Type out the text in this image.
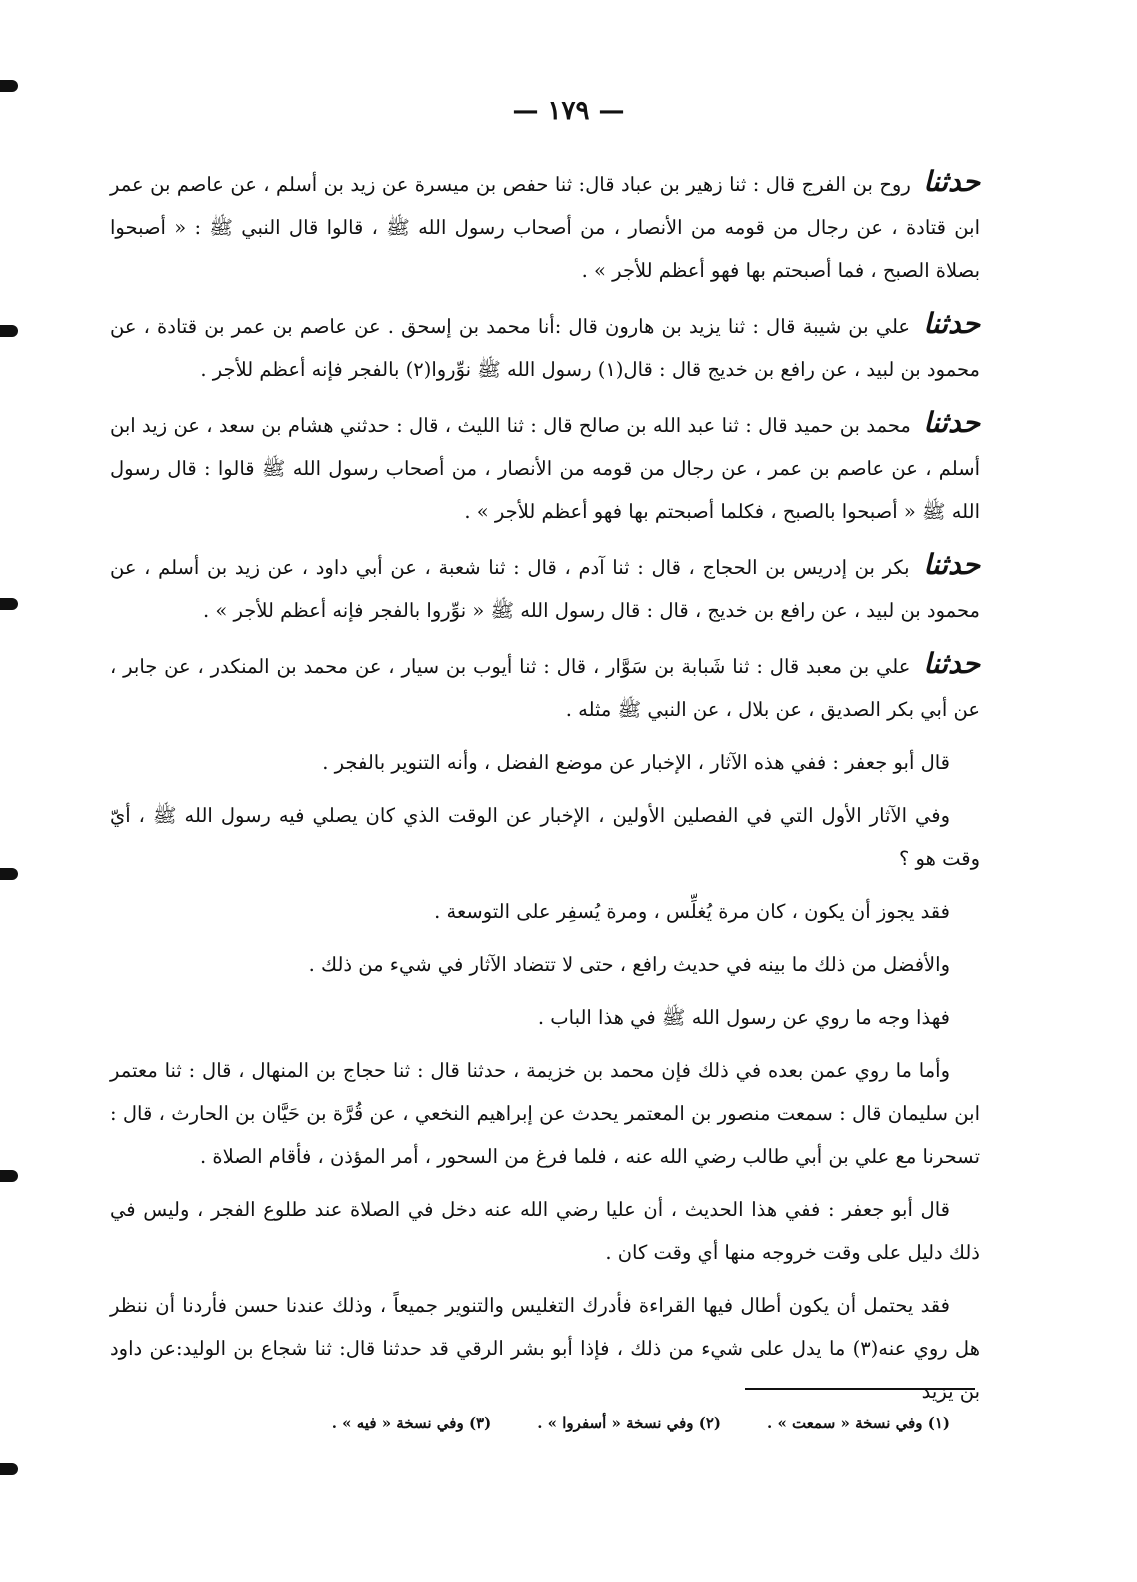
— ١٧٩ —

حدثنا روح بن الفرج قال : ثنا زهير بن عباد قال: ثنا حفص بن ميسرة عن زيد بن أسلم ، عن عاصم بن عمر ابن قتادة ، عن رجال من قومه من الأنصار ، من أصحاب رسول الله ﷺ ، قالوا قال النبي ﷺ : « أصبحوا بصلاة الصبح ، فما أصبحتم بها فهو أعظم للأجر » .

حدثنا علي بن شيبة قال : ثنا يزيد بن هارون قال :أنا محمد بن إسحق . عن عاصم بن عمر بن قتادة ، عن محمود بن لبيد ، عن رافع بن خديج قال : قال(١) رسول الله ﷺ نوِّروا(٢) بالفجر فإنه أعظم للأجر .

حدثنا محمد بن حميد قال : ثنا عبد الله بن صالح قال : ثنا الليث ، قال : حدثني هشام بن سعد ، عن زيد ابن أسلم ، عن عاصم بن عمر ، عن رجال من قومه من الأنصار ، من أصحاب رسول الله ﷺ قالوا : قال رسول الله ﷺ « أصبحوا بالصبح ، فكلما أصبحتم بها فهو أعظم للأجر » .

حدثنا بكر بن إدريس بن الحجاج ، قال : ثنا آدم ، قال : ثنا شعبة ، عن أبي داود ، عن زيد بن أسلم ، عن محمود بن لبيد ، عن رافع بن خديج ، قال : قال رسول الله ﷺ « نوِّروا بالفجر فإنه أعظم للأجر » .

حدثنا علي بن معبد قال : ثنا شَبابة بن سَوَّار ، قال : ثنا أيوب بن سيار ، عن محمد بن المنكدر ، عن جابر ، عن أبي بكر الصديق ، عن بلال ، عن النبي ﷺ مثله .

قال أبو جعفر : ففي هذه الآثار ، الإخبار عن موضع الفضل ، وأنه التنوير بالفجر .

وفي الآثار الأول التي في الفصلين الأولين ، الإخبار عن الوقت الذي كان يصلي فيه رسول الله ﷺ ، أيّ وقت هو ؟

فقد يجوز أن يكون ، كان مرة يُغلِّس ، ومرة يُسفِر على التوسعة .

والأفضل من ذلك ما بينه في حديث رافع ، حتى لا تتضاد الآثار في شيء من ذلك .

فهذا وجه ما روي عن رسول الله ﷺ في هذا الباب .

وأما ما روي عمن بعده في ذلك فإن محمد بن خزيمة ، حدثنا قال : ثنا حجاج بن المنهال ، قال : ثنا معتمر ابن سليمان قال : سمعت منصور بن المعتمر يحدث عن إبراهيم النخعي ، عن قُرَّة بن حَيَّان بن الحارث ، قال : تسحرنا مع علي بن أبي طالب رضي الله عنه ، فلما فرغ من السحور ، أمر المؤذن ، فأقام الصلاة .

قال أبو جعفر : ففي هذا الحديث ، أن عليا رضي الله عنه دخل في الصلاة عند طلوع الفجر ، وليس في ذلك دليل على وقت خروجه منها أي وقت كان .

فقد يحتمل أن يكون أطال فيها القراءة فأدرك التغليس والتنوير جميعاً ، وذلك عندنا حسن فأردنا أن ننظر هل روي عنه(٣) ما يدل على شيء من ذلك ، فإذا أبو بشر الرقي قد حدثنا قال: ثنا شجاع بن الوليد:عن داود بن يزيد

(١) وفي نسخة « سمعت » .
(٢) وفي نسخة « أسفروا » .
(٣) وفي نسخة « فيه » .
